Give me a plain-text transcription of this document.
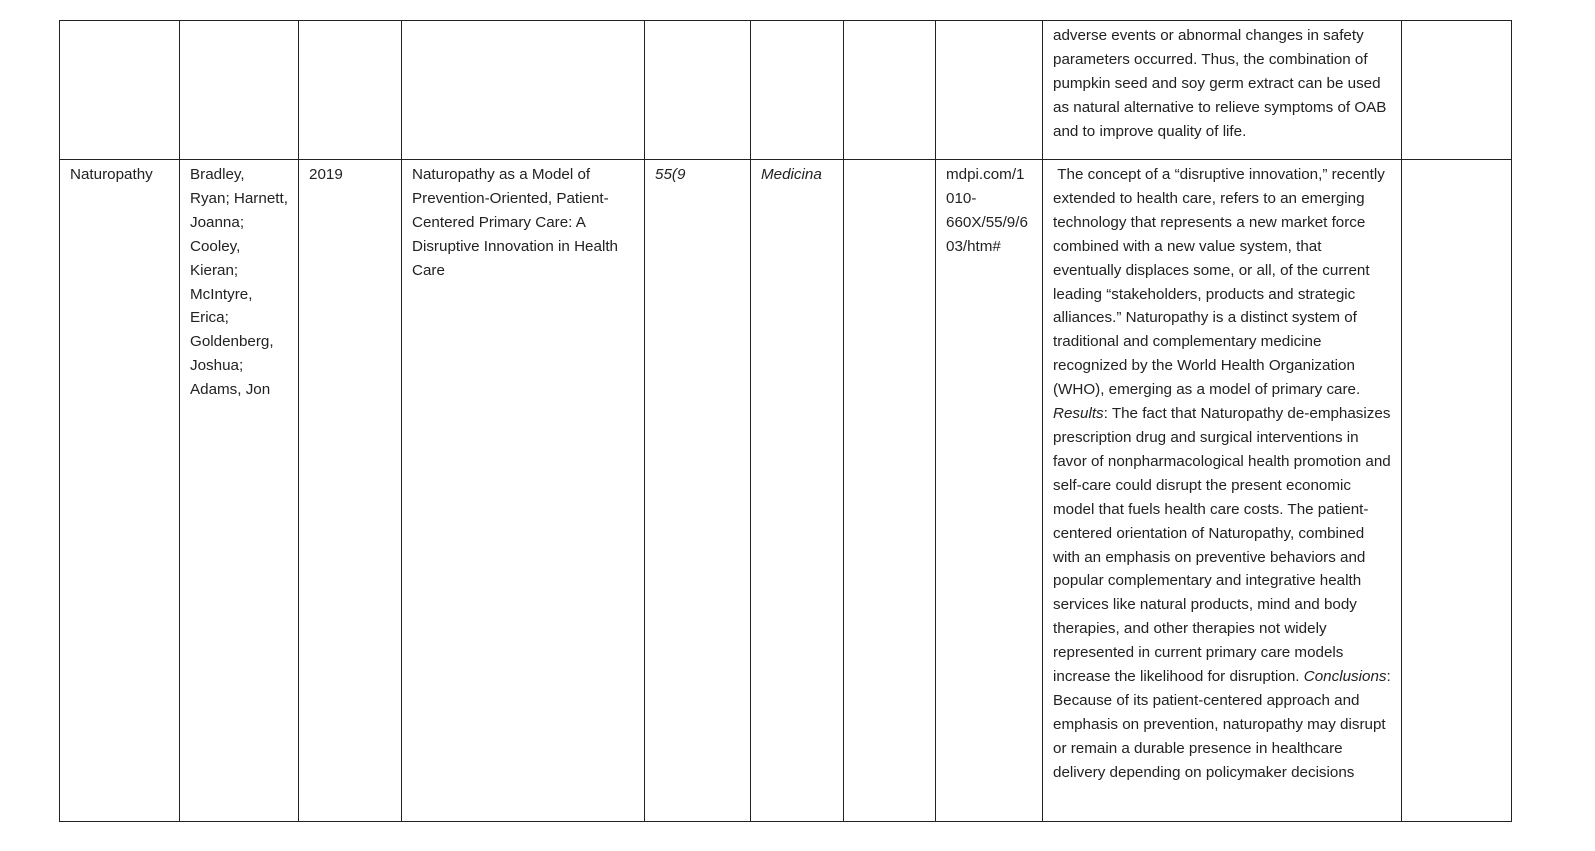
								adverse events or abnormal changes in safety parameters occurred. Thus, the combination of pumpkin seed and soy germ extract can be used as natural alternative to relieve symptoms of OAB and to improve quality of life.	
Naturopathy	Bradley, Ryan; Harnett, Joanna; Cooley, Kieran; McIntyre, Erica; Goldenberg, Joshua; Adams, Jon	2019	Naturopathy as a Model of Prevention-Oriented, Patient-Centered Primary Care: A Disruptive Innovation in Health Care	55(9	Medicina		mdpi.com/1010-660X/55/9/603/htm#	The concept of a “disruptive innovation,” recently extended to health care, refers to an emerging technology that represents a new market force combined with a new value system, that eventually displaces some, or all, of the current leading “stakeholders, products and strategic alliances.” Naturopathy is a distinct system of traditional and complementary medicine recognized by the World Health Organization (WHO), emerging as a model of primary care. Results: The fact that Naturopathy de-emphasizes prescription drug and surgical interventions in favor of nonpharmacological health promotion and self-care could disrupt the present economic model that fuels health care costs. The patient-centered orientation of Naturopathy, combined with an emphasis on preventive behaviors and popular complementary and integrative health services like natural products, mind and body therapies, and other therapies not widely represented in current primary care models increase the likelihood for disruption. Conclusions: Because of its patient-centered approach and emphasis on prevention, naturopathy may disrupt or remain a durable presence in healthcare delivery depending on policymaker decisions	
